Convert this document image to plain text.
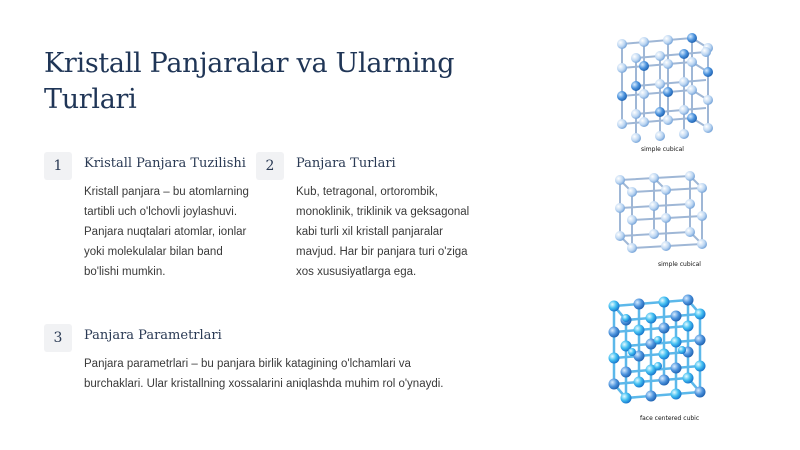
Kristall Panjaralar va Ularning Turlari
1	Kristall Panjara Tuzilishi

Kristall panjara – bu atomlarning tartibli uch o'lchovli joylashuvi. Panjara nuqtalari atomlar, ionlar yoki molekulalar bilan band bo'lishi mumkin.

2	Panjara Turlari

Kub, tetragonal, ortorombik, monoklinik, triklinik va geksagonal kabi turli xil kristall panjaralar mavjud. Har bir panjara turi o'ziga xos xususiyatlarga ega.

3	Panjara Parametrlari

Panjara parametrlari – bu panjara birlik katagining o'lchamlari va burchaklari. Ular kristallning xossalarini aniqlashda muhim rol o'ynaydi.

simple cubical
simple cubical
face centered cubic
